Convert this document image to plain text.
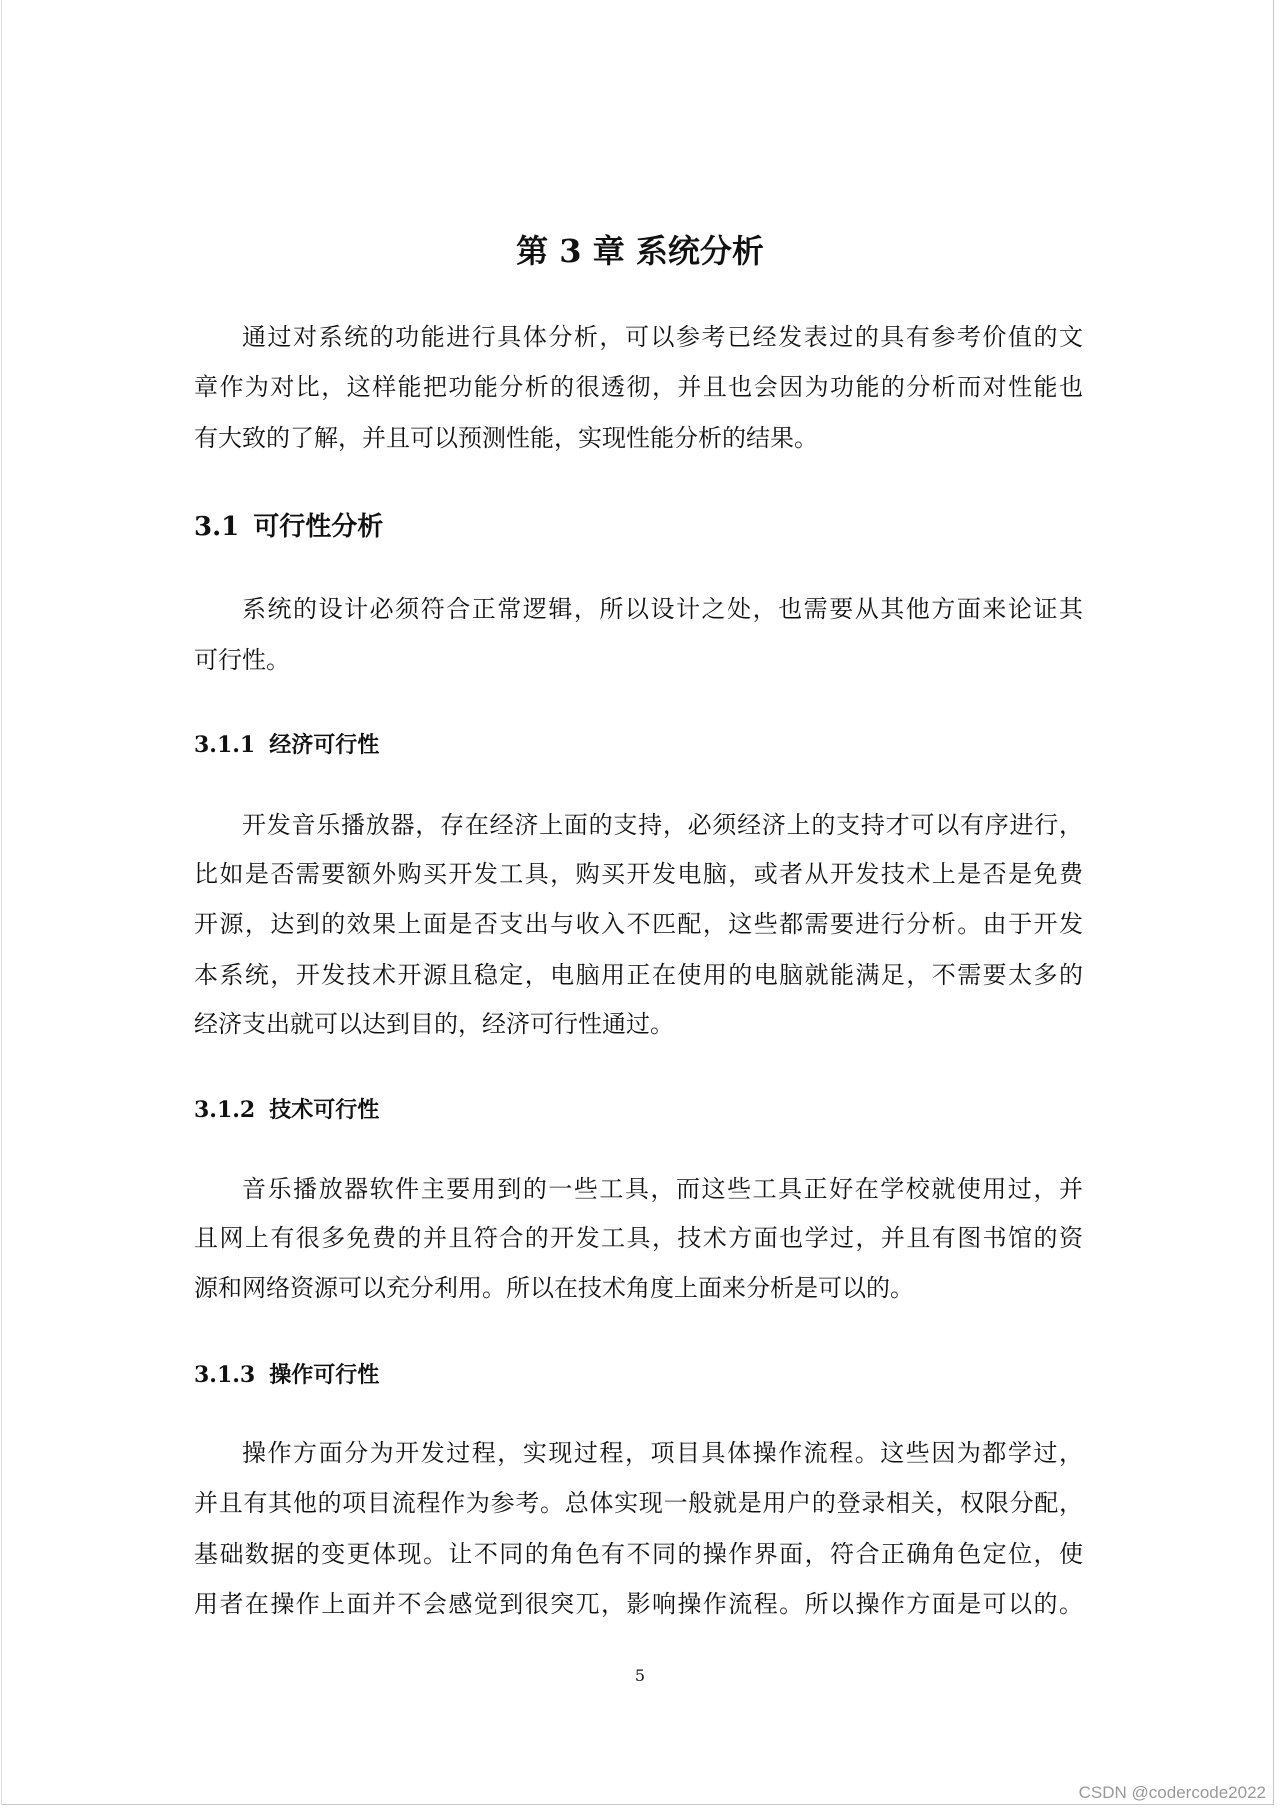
第 3 章 系统分析
通过对系统的功能进行具体分析，可以参考已经发表过的具有参考价值的文
章作为对比，这样能把功能分析的很透彻，并且也会因为功能的分析而对性能也
有大致的了解，并且可以预测性能，实现性能分析的结果。
3.1 可行性分析
系统的设计必须符合正常逻辑，所以设计之处，也需要从其他方面来论证其
可行性。
3.1.1 经济可行性
开发音乐播放器，存在经济上面的支持，必须经济上的支持才可以有序进行，
比如是否需要额外购买开发工具，购买开发电脑，或者从开发技术上是否是免费
开源，达到的效果上面是否支出与收入不匹配，这些都需要进行分析。由于开发
本系统，开发技术开源且稳定，电脑用正在使用的电脑就能满足，不需要太多的
经济支出就可以达到目的，经济可行性通过。
3.1.2 技术可行性
音乐播放器软件主要用到的一些工具，而这些工具正好在学校就使用过，并
且网上有很多免费的并且符合的开发工具，技术方面也学过，并且有图书馆的资
源和网络资源可以充分利用。所以在技术角度上面来分析是可以的。
3.1.3 操作可行性
操作方面分为开发过程，实现过程，项目具体操作流程。这些因为都学过，
并且有其他的项目流程作为参考。总体实现一般就是用户的登录相关，权限分配，
基础数据的变更体现。让不同的角色有不同的操作界面，符合正确角色定位，使
用者在操作上面并不会感觉到很突兀，影响操作流程。所以操作方面是可以的。
5
CSDN @codercode2022
